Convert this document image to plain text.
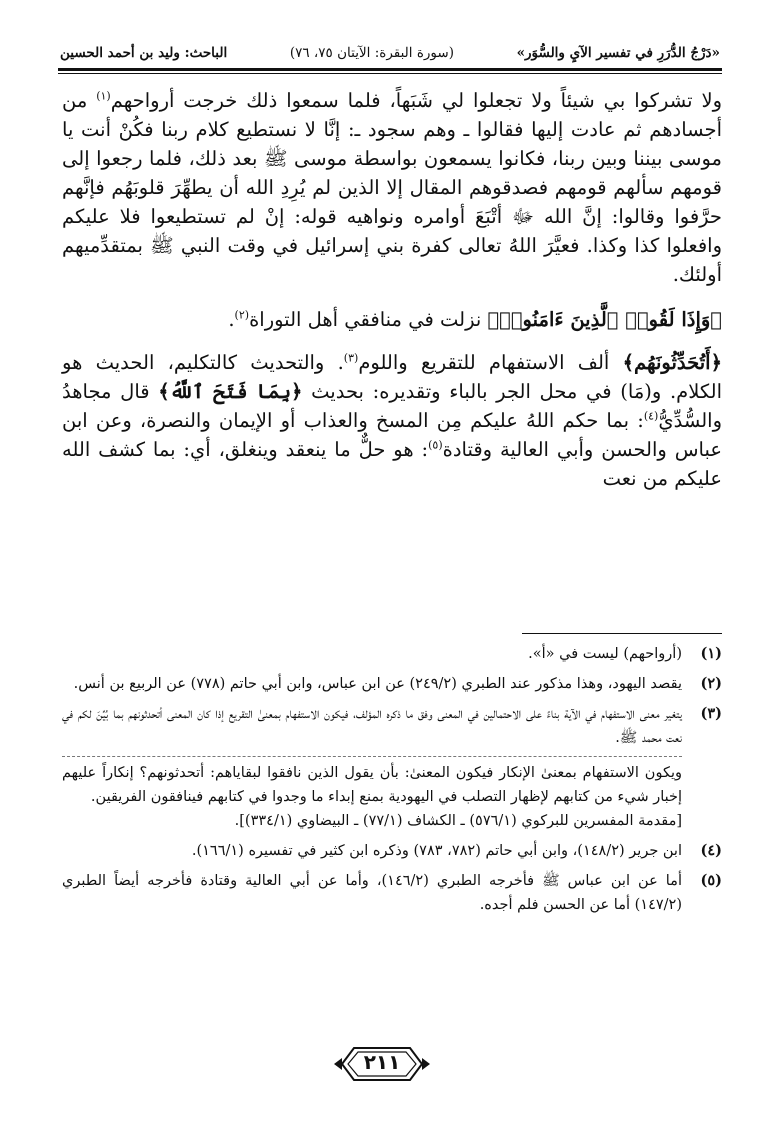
«دَرْجُ الدُّرَرِ في تفسير الآيِ والسُّوَر»
(سورة البقرة: الآيتان ٧٥، ٧٦)
الباحث: وليد بن أحمد الحسين

ولا تشركوا بي شيئاً ولا تجعلوا لي شَبَهاً، فلما سمعوا ذلك خرجت أرواحهم$^{(١)}$ من أجسادهم ثم عادت إليها فقالوا ـ وهم سجود ـ: إنَّا لا نستطيع كلام ربنا فكُنْ أنت يا موسى بيننا وبين ربنا، فكانوا يسمعون بواسطة موسى ﷺ بعد ذلك، فلما رجعوا إلى قومهم سألهم قومهم فصدقوهم المقال إلا الذين لم يُرِدِ الله أن يطهِّرَ قلوبَهُم فإنَّهم حرَّفوا وقالوا: إنَّ الله ﷻ أتْبَعَ أوامره ونواهيه قوله: إنْ لم تستطيعوا فلا عليكم وافعلوا كذا وكذا. فعيَّرَ اللهُ تعالى كفرة بني إسرائيل في وقت النبي ﷺ بمتقدِّميهم أولئك.

﴿وَإِذَا لَقُوا۟ ٱلَّذِينَ ءَامَنُوا۟﴾ نزلت في منافقي أهل التوراة$^{(٢)}$.

﴿أَتُحَدِّثُونَهُم﴾ ألف الاستفهام للتقريع واللوم$^{(٣)}$. والتحديث كالتكليم، الحديث هو الكلام. و(مَا) في محل الجر بالباء وتقديره: بحديث ﴿بِمَا فَتَحَ ٱللَّهُ﴾ قال مجاهدُ والسُّدِّيُّ$^{(٤)}$: بما حكم اللهُ عليكم مِن المسخ والعذاب أو الإيمان والنصرة، وعن ابن عباس والحسن وأبي العالية وقتادة$^{(٥)}$: هو حلٌّ ما ينعقد وينغلق، أي: بما كشف الله عليكم من نعت

(١)

(أرواحهم) ليست في «أ».

(٢)

يقصد اليهود، وهذا مذكور عند الطبري (٢٤٩/٢) عن ابن عباس، وابن أبي حاتم (٧٧٨) عن الربيع بن أنس.

(٣)

يتغير معنى الاستفهام في الآية بناءً على الاحتمالين في المعنى وفق ما ذكره المؤلف، فيكون الاستفهام بمعنىٰ التقريع إذا كان المعنى أتحدثونهم بما بُيِّنَ لكم في نعت محمد ﷺ.

ويكون الاستفهام بمعنىٰ الإنكار فيكون المعنىٰ: بأن يقول الذين نافقوا لبقاياهم: أتحدثونهم؟ إنكاراً عليهم إخبار شيء من كتابهم لإظهار التصلب في اليهودية بمنع إبداء ما وجدوا في كتابهم فينافقون الفريقين.

[مقدمة المفسرين للبركوي (٥٧٦/١) ـ الكشاف (٧٧/١) ـ البيضاوي (٣٣٤/١)].

(٤)

ابن جرير (١٤٨/٢)، وابن أبي حاتم (٧٨٢، ٧٨٣) وذكره ابن كثير في تفسيره (١٦٦/١).

(٥)

أما عن ابن عباس ﷺ فأخرجه الطبري (١٤٦/٢)، وأما عن أبي العالية وقتادة فأخرجه أيضاً الطبري (١٤٧/٢) أما عن الحسن فلم أجده.

٢١١
